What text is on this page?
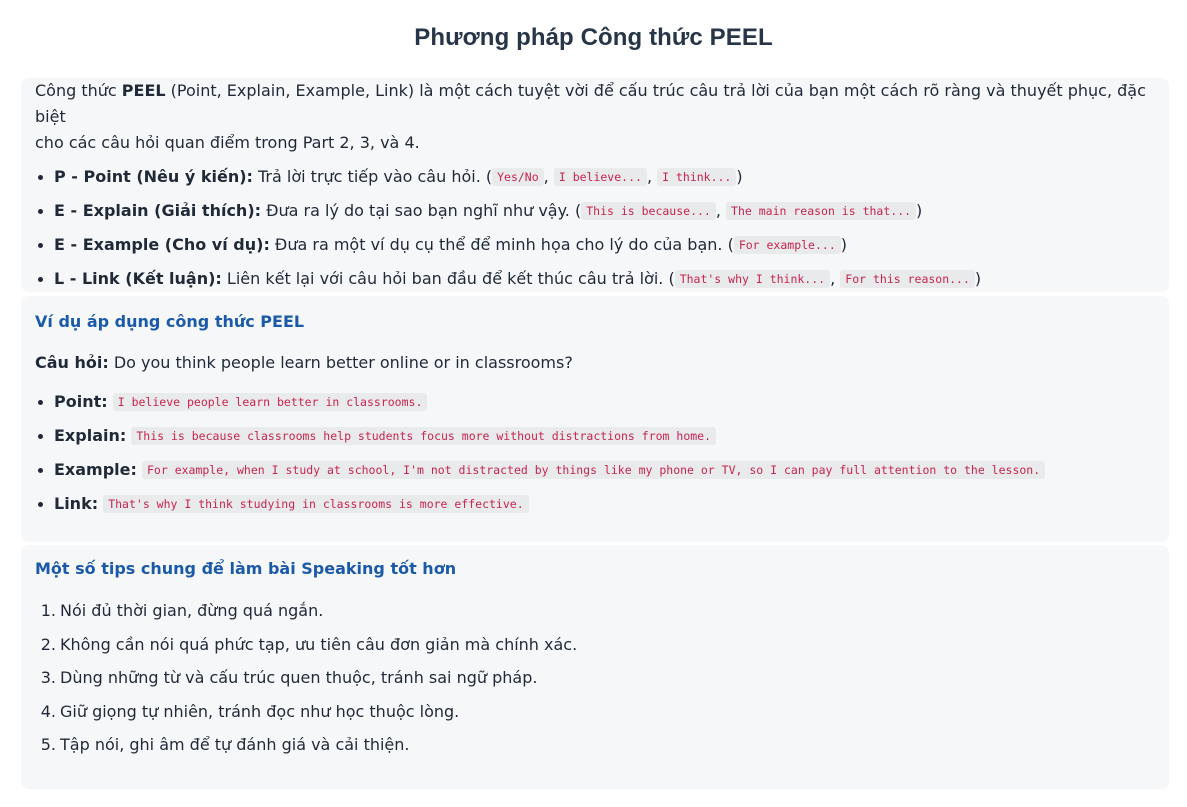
Phương pháp Công thức PEEL

Công thức PEEL (Point, Explain, Example, Link) là một cách tuyệt vời để cấu trúc câu trả lời của bạn một cách rõ ràng và thuyết phục, đặc biệt
cho các câu hỏi quan điểm trong Part 2, 3, và 4.

P - Point (Nêu ý kiến): Trả lời trực tiếp vào câu hỏi. ( Yes/No , I believe... , I think... )
E - Explain (Giải thích): Đưa ra lý do tại sao bạn nghĩ như vậy. ( This is because... , The main reason is that... )
E - Example (Cho ví dụ): Đưa ra một ví dụ cụ thể để minh họa cho lý do của bạn. ( For example... )
L - Link (Kết luận): Liên kết lại với câu hỏi ban đầu để kết thúc câu trả lời. ( That's why I think... , For this reason... )
Ví dụ áp dụng công thức PEEL

Câu hỏi: Do you think people learn better online or in classrooms?

Point: I believe people learn better in classrooms.
Explain: This is because classrooms help students focus more without distractions from home.
Example: For example, when I study at school, I'm not distracted by things like my phone or TV, so I can pay full attention to the lesson.
Link: That's why I think studying in classrooms is more effective.
Một số tips chung để làm bài Speaking tốt hơn
1. Nói đủ thời gian, đừng quá ngắn.
2. Không cần nói quá phức tạp, ưu tiên câu đơn giản mà chính xác.
3. Dùng những từ và cấu trúc quen thuộc, tránh sai ngữ pháp.
4. Giữ giọng tự nhiên, tránh đọc như học thuộc lòng.
5. Tập nói, ghi âm để tự đánh giá và cải thiện.
